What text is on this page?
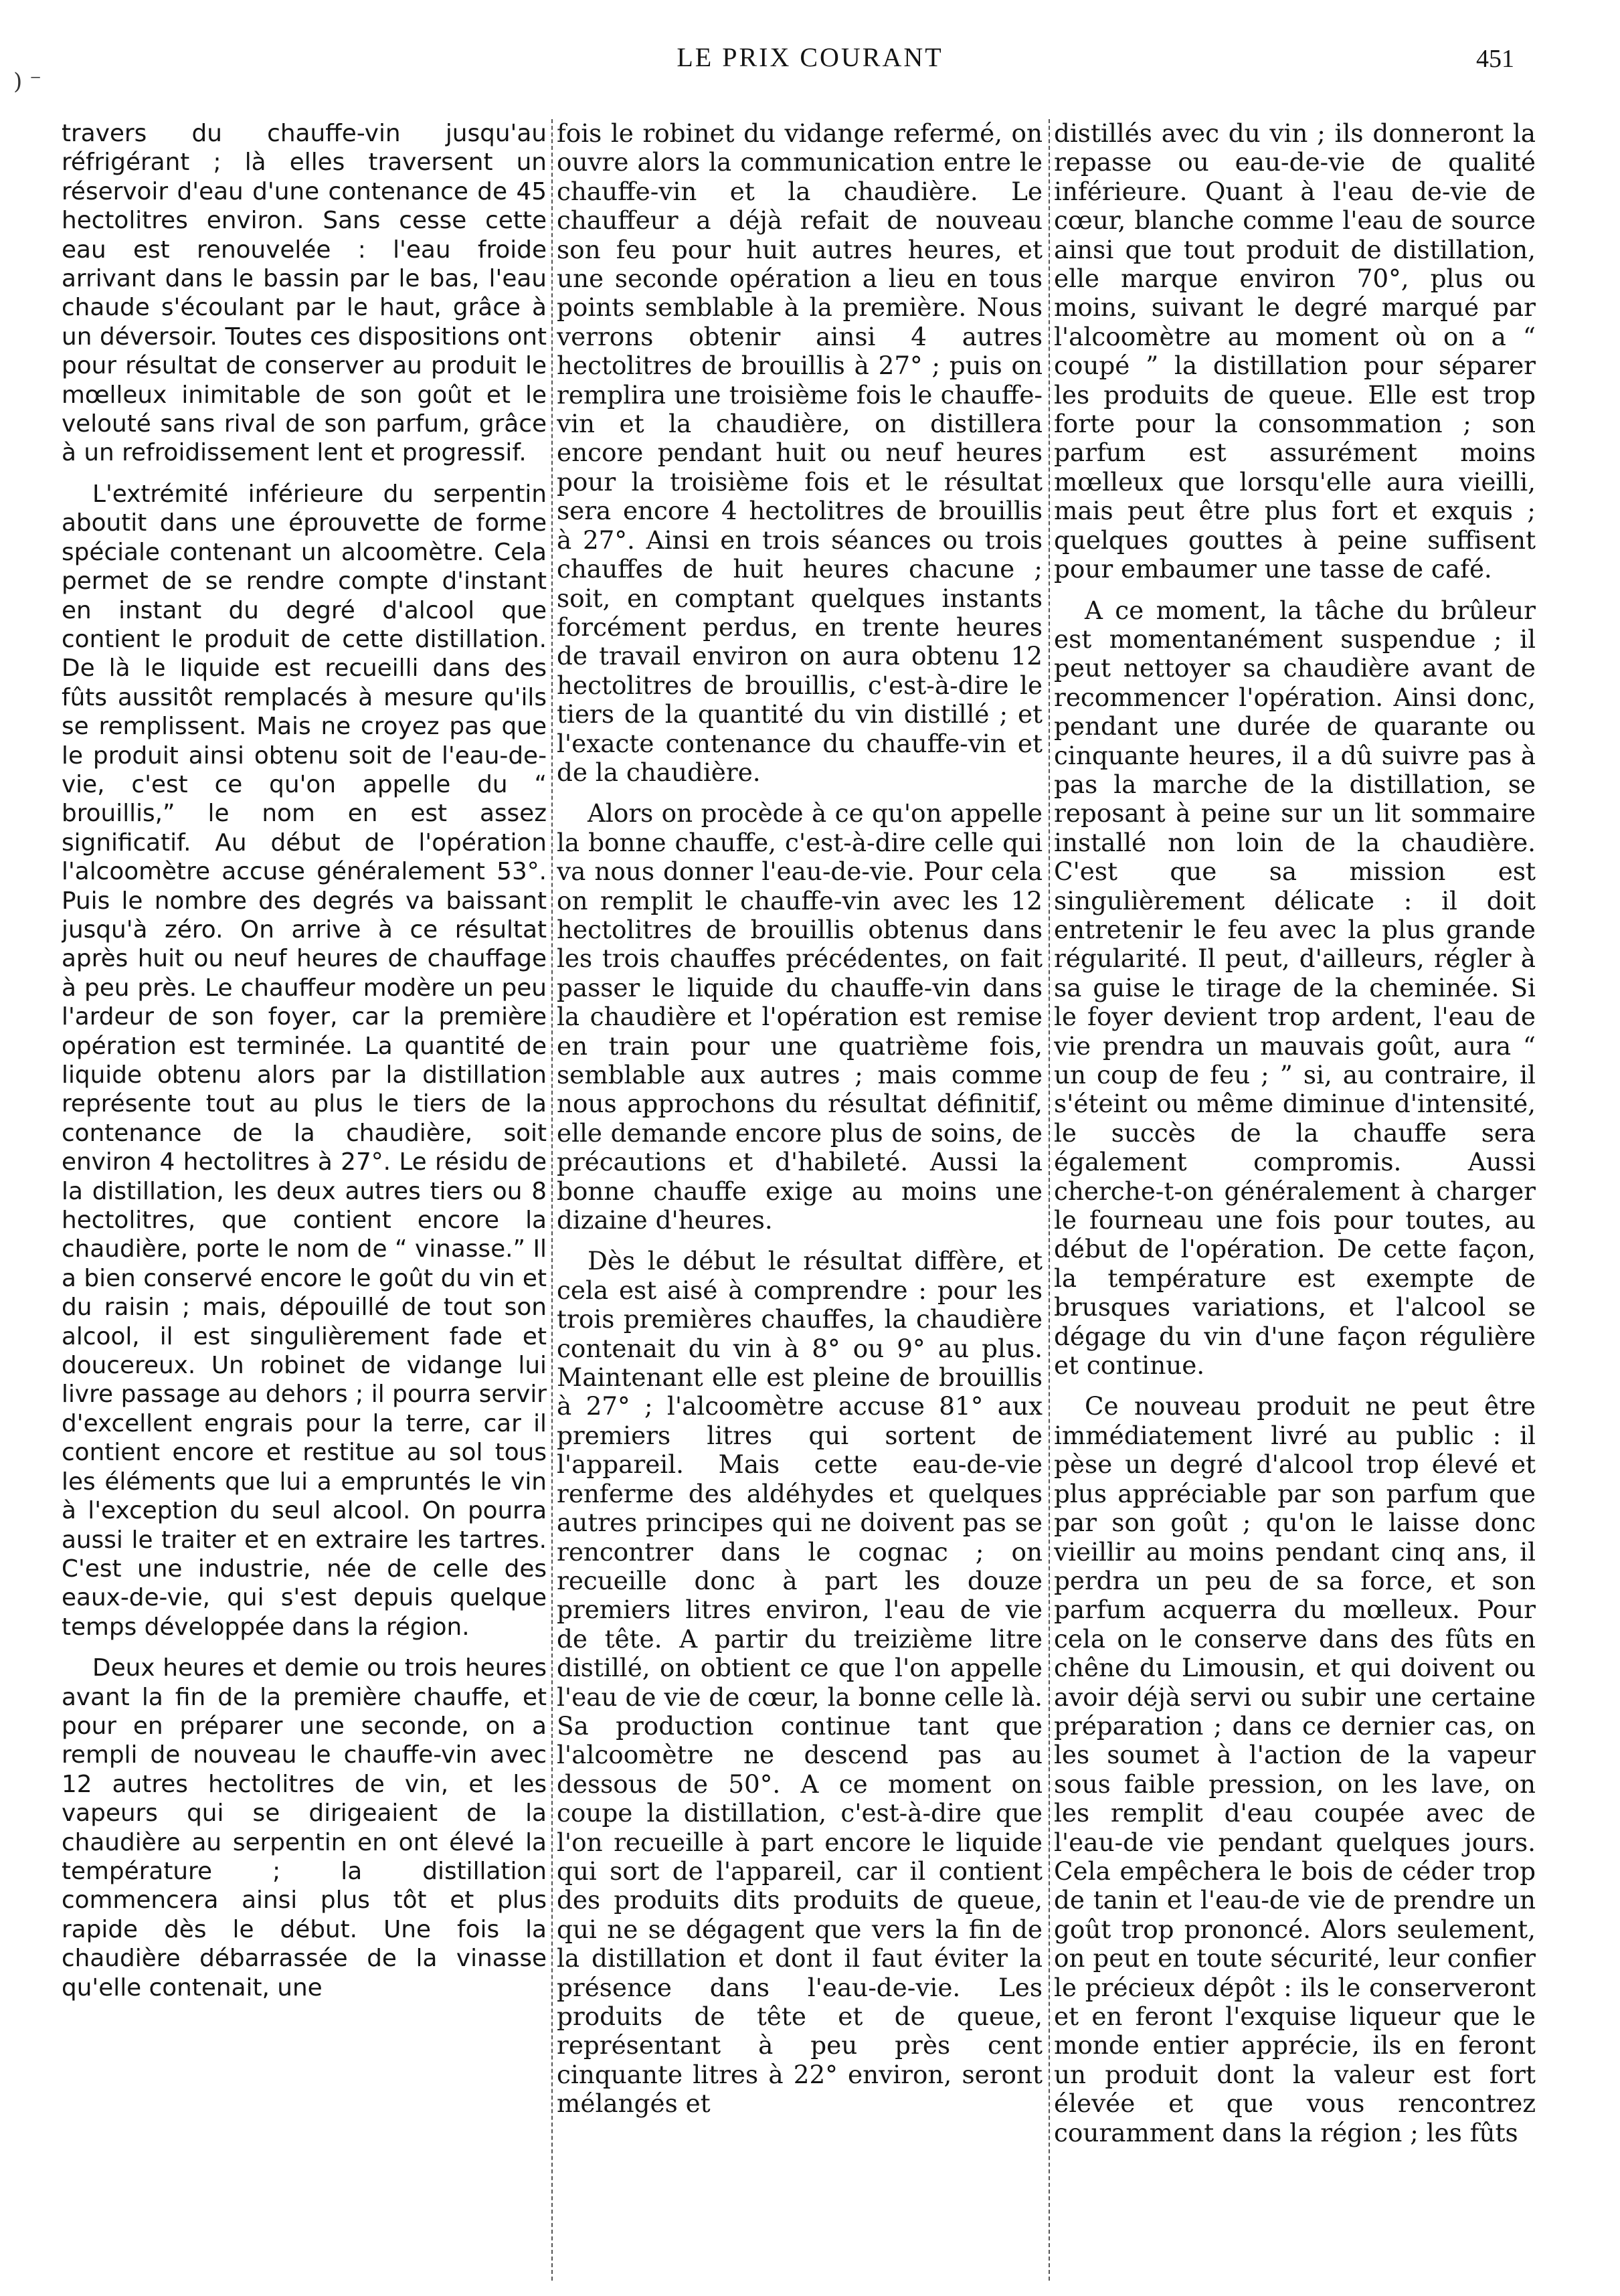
) ⁻
LE PRIX COURANT	451

travers du chauffe-vin jusqu'au réfrigérant ; là elles traversent un réservoir d'eau d'une contenance de 45 hectolitres environ. Sans cesse cette eau est renouvelée : l'eau froide arrivant dans le bassin par le bas, l'eau chaude s'écoulant par le haut, grâce à un déversoir. Toutes ces dispositions ont pour résultat de conserver au produit le mœlleux inimitable de son goût et le velouté sans rival de son parfum, grâce à un refroidissement lent et progressif.

L'extrémité inférieure du serpentin aboutit dans une éprouvette de forme spéciale contenant un alcoomètre. Cela permet de se rendre compte d'instant en instant du degré d'alcool que contient le produit de cette distillation. De là le liquide est recueilli dans des fûts aussitôt remplacés à mesure qu'ils se remplissent. Mais ne croyez pas que le produit ainsi obtenu soit de l'eau-de-vie, c'est ce qu'on appelle du “ brouillis,” le nom en est assez significatif. Au début de l'opération l'alcoomètre accuse généralement 53°. Puis le nombre des degrés va baissant jusqu'à zéro. On arrive à ce résultat après huit ou neuf heures de chauffage à peu près. Le chauffeur modère un peu l'ardeur de son foyer, car la première opération est terminée. La quantité de liquide obtenu alors par la distillation représente tout au plus le tiers de la contenance de la chaudière, soit environ 4 hectolitres à 27°. Le résidu de la distillation, les deux autres tiers ou 8 hectolitres, que contient encore la chaudière, porte le nom de “ vinasse.” Il a bien conservé encore le goût du vin et du raisin ; mais, dépouillé de tout son alcool, il est singulièrement fade et doucereux. Un robinet de vidange lui livre passage au dehors ; il pourra servir d'excellent engrais pour la terre, car il contient encore et restitue au sol tous les éléments que lui a empruntés le vin à l'exception du seul alcool. On pourra aussi le traiter et en extraire les tartres. C'est une industrie, née de celle des eaux-de-vie, qui s'est depuis quelque temps développée dans la région.

Deux heures et demie ou trois heures avant la fin de la première chauffe, et pour en préparer une seconde, on a rempli de nouveau le chauffe-vin avec 12 autres hectolitres de vin, et les vapeurs qui se dirigeaient de la chaudière au serpentin en ont élevé la température ; la distillation commencera ainsi plus tôt et plus rapide dès le début. Une fois la chaudière débarrassée de la vinasse qu'elle contenait, une

fois le robinet du vidange refermé, on ouvre alors la communication entre le chauffe-vin et la chaudière. Le chauffeur a déjà refait de nouveau son feu pour huit autres heures, et une seconde opération a lieu en tous points semblable à la première. Nous verrons obtenir ainsi 4 autres hectolitres de brouillis à 27° ; puis on remplira une troisième fois le chauffe-vin et la chaudière, on distillera encore pendant huit ou neuf heures pour la troisième fois et le résultat sera encore 4 hectolitres de brouillis à 27°. Ainsi en trois séances ou trois chauffes de huit heures chacune ; soit, en comptant quelques instants forcément perdus, en trente heures de travail environ on aura obtenu 12 hectolitres de brouillis, c'est-à-dire le tiers de la quantité du vin distillé ; et l'exacte contenance du chauffe-vin et de la chaudière.

Alors on procède à ce qu'on appelle la bonne chauffe, c'est-à-dire celle qui va nous donner l'eau-de-vie. Pour cela on remplit le chauffe-vin avec les 12 hectolitres de brouillis obtenus dans les trois chauffes précédentes, on fait passer le liquide du chauffe-vin dans la chaudière et l'opération est remise en train pour une quatrième fois, semblable aux autres ; mais comme nous approchons du résultat définitif, elle demande encore plus de soins, de précautions et d'habileté. Aussi la bonne chauffe exige au moins une dizaine d'heures.

Dès le début le résultat diffère, et cela est aisé à comprendre : pour les trois premières chauffes, la chaudière contenait du vin à 8° ou 9° au plus. Maintenant elle est pleine de brouillis à 27° ; l'alcoomètre accuse 81° aux premiers litres qui sortent de l'appareil. Mais cette eau-de-vie renferme des aldéhydes et quelques autres principes qui ne doivent pas se rencontrer dans le cognac ; on recueille donc à part les douze premiers litres environ, l'eau de vie de tête. A partir du treizième litre distillé, on obtient ce que l'on appelle l'eau de vie de cœur, la bonne celle là. Sa production continue tant que l'alcoomètre ne descend pas au dessous de 50°. A ce moment on coupe la distillation, c'est-à-dire que l'on recueille à part encore le liquide qui sort de l'appareil, car il contient des produits dits produits de queue, qui ne se dégagent que vers la fin de la distillation et dont il faut éviter la présence dans l'eau-de-vie. Les produits de tête et de queue, représentant à peu près cent cinquante litres à 22° environ, seront mélangés et

distillés avec du vin ; ils donneront la repasse ou eau-de-vie de qualité inférieure. Quant à l'eau de-vie de cœur, blanche comme l'eau de source ainsi que tout produit de distillation, elle marque environ 70°, plus ou moins, suivant le degré marqué par l'alcoomètre au moment où on a “ coupé ” la distillation pour séparer les produits de queue. Elle est trop forte pour la consommation ; son parfum est assurément moins mœlleux que lorsqu'elle aura vieilli, mais peut être plus fort et exquis ; quelques gouttes à peine suffisent pour embaumer une tasse de café.

A ce moment, la tâche du brûleur est momentanément suspendue ; il peut nettoyer sa chaudière avant de recommencer l'opération. Ainsi donc, pendant une durée de quarante ou cinquante heures, il a dû suivre pas à pas la marche de la distillation, se reposant à peine sur un lit sommaire installé non loin de la chaudière. C'est que sa mission est singulièrement délicate : il doit entretenir le feu avec la plus grande régularité. Il peut, d'ailleurs, régler à sa guise le tirage de la cheminée. Si le foyer devient trop ardent, l'eau de vie prendra un mauvais goût, aura “ un coup de feu ; ” si, au contraire, il s'éteint ou même diminue d'intensité, le succès de la chauffe sera également compromis. Aussi cherche-t-on généralement à charger le fourneau une fois pour toutes, au début de l'opération. De cette façon, la température est exempte de brusques variations, et l'alcool se dégage du vin d'une façon régulière et continue.

Ce nouveau produit ne peut être immédiatement livré au public : il pèse un degré d'alcool trop élevé et plus appréciable par son parfum que par son goût ; qu'on le laisse donc vieillir au moins pendant cinq ans, il perdra un peu de sa force, et son parfum acquerra du mœlleux. Pour cela on le conserve dans des fûts en chêne du Limousin, et qui doivent ou avoir déjà servi ou subir une certaine préparation ; dans ce dernier cas, on les soumet à l'action de la vapeur sous faible pression, on les lave, on les remplit d'eau coupée avec de l'eau-de vie pendant quelques jours. Cela empêchera le bois de céder trop de tanin et l'eau-de vie de prendre un goût trop prononcé. Alors seulement, on peut en toute sécurité, leur confier le précieux dépôt : ils le conserveront et en feront l'exquise liqueur que le monde entier apprécie, ils en feront un produit dont la valeur est fort élevée et que vous rencontrez couramment dans la région ; les fûts
